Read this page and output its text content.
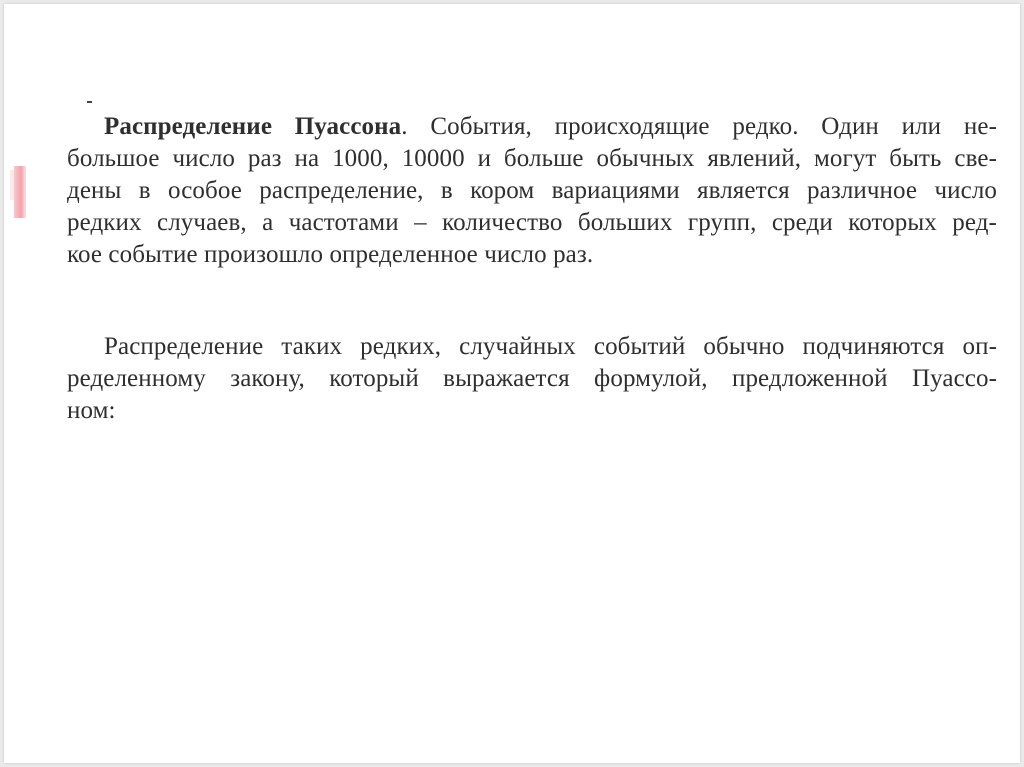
Распределение Пуассона. События, происходящие редко. Один или не-
большое число раз на 1000, 10000 и больше обычных явлений, могут быть све-
дены в особое распределение, в кором вариациями является различное число
редких случаев, а частотами – количество больших групп, среди которых ред-
кое событие произошло определенное число раз.
Распределение таких редких, случайных событий обычно подчиняются оп-
ределенному закону, который выражается формулой, предложенной Пуассо-
ном:
